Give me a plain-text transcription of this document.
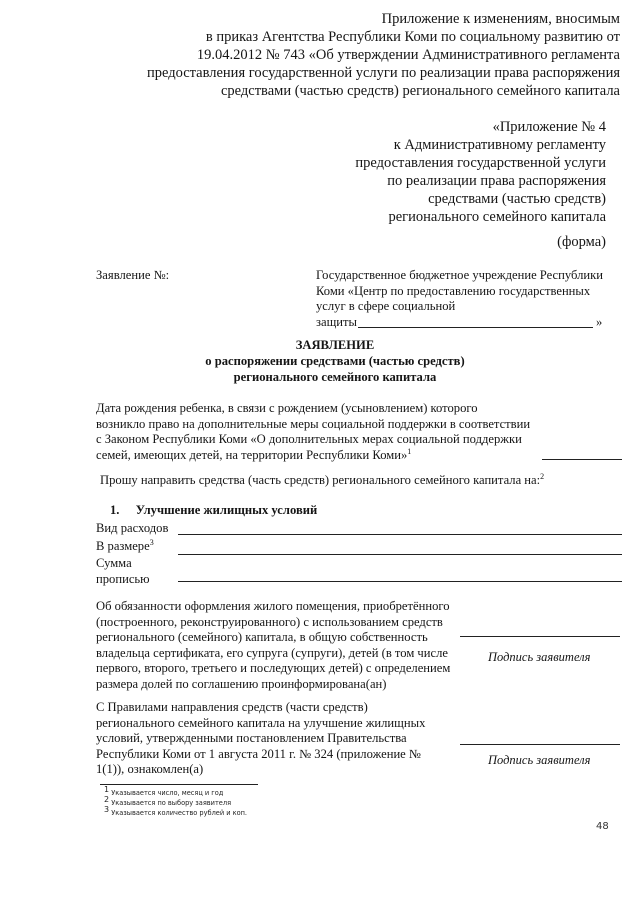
Приложение к изменениям, вносимым
в приказ Агентства Республики Коми по социальному развитию от
19.04.2012 № 743 «Об утверждении Административного регламента
предоставления государственной услуги по реализации права распоряжения
средствами (частью средств) регионального семейного капитала
«Приложение № 4
к Административному регламенту
предоставления государственной услуги
по реализации права распоряжения
средствами (частью средств)
регионального семейного капитала
(форма)
Заявление №:	Государственное бюджетное учреждение Республики
Коми «Центр по предоставлению государственных
услуг в сфере социальной
защиты	»
ЗАЯВЛЕНИЕ
о распоряжении средствами (частью средств)
регионального семейного капитала
Дата рождения ребенка, в связи с рождением (усыновлением) которого
возникло право на дополнительные меры социальной поддержки в соответствии
с Законом Республики Коми «О дополнительных мерах социальной поддержки
семей, имеющих детей, на территории Республики Коми»$^1$
Прошу направить средства (часть средств) регионального семейного капитала на:$^2$
1. Улучшение жилищных условий
Вид расходов
В размере$^3$
Сумма
прописью
Об обязанности оформления жилого помещения, приобретённого
(построенного, реконструированного) с использованием средств
регионального (семейного) капитала, в общую собственность
владельца сертификата, его супруга (супруги), детей (в том числе
первого, второго, третьего и последующих детей) с определением
размера долей по соглашению проинформирована(ан)
Подпись заявителя
С Правилами направления средств (части средств)
регионального семейного капитала на улучшение жилищных
условий, утвержденными постановлением Правительства
Республики Коми от 1 августа 2011 г. № 324 (приложение №
1(1)), ознакомлен(а)
Подпись заявителя
$^1$ Указывается число, месяц и год
$^2$ Указывается по выбору заявителя
$^3$ Указывается количество рублей и коп.
48
